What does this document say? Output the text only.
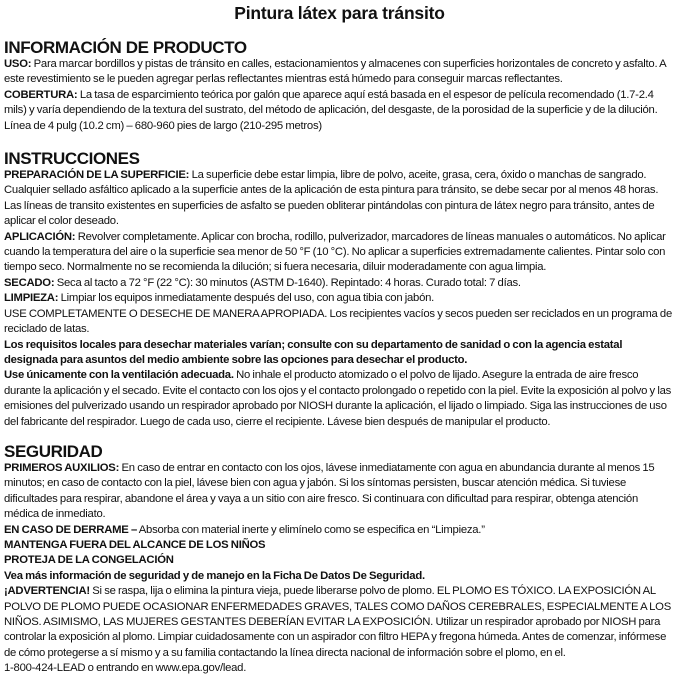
Pintura látex para tránsito
INFORMACIÓN DE PRODUCTO
USO: Para marcar bordillos y pistas de tránsito en calles, estacionamientos y almacenes con superficies horizontales de concreto y asfalto. A este revestimiento se le pueden agregar perlas reflectantes mientras está húmedo para conseguir marcas reflectantes.
COBERTURA: La tasa de esparcimiento teórica por galón que aparece aquí está basada en el espesor de película recomendado (1.7-2.4 mils) y varía dependiendo de la textura del sustrato, del método de aplicación, del desgaste, de la porosidad de la superficie y de la dilución.
Línea de 4 pulg (10.2 cm) – 680-960 pies de largo (210-295 metros)
INSTRUCCIONES
PREPARACIÓN DE LA SUPERFICIE: La superficie debe estar limpia, libre de polvo, aceite, grasa, cera, óxido o manchas de sangrado. Cualquier sellado asfáltico aplicado a la superficie antes de la aplicación de esta pintura para tránsito, se debe secar por al menos 48 horas. Las líneas de transito existentes en superficies de asfalto se pueden obliterar pintándolas con pintura de látex negro para tránsito, antes de aplicar el color deseado.
APLICACIÓN: Revolver completamente. Aplicar con brocha, rodillo, pulverizador, marcadores de líneas manuales o automáticos. No aplicar cuando la temperatura del aire o la superficie sea menor de 50 °F (10 °C). No aplicar a superficies extremadamente calientes. Pintar solo con tiempo seco. Normalmente no se recomienda la dilución; si fuera necesaria, diluir moderadamente con agua limpia.
SECADO: Seca al tacto a 72 °F (22 °C): 30 minutos (ASTM D-1640). Repintado: 4 horas. Curado total: 7 días.
LIMPIEZA: Limpiar los equipos inmediatamente después del uso, con agua tibia con jabón.
USE COMPLETAMENTE O DESECHE DE MANERA APROPIADA. Los recipientes vacíos y secos pueden ser reciclados en un programa de reciclado de latas.
Los requisitos locales para desechar materiales varían; consulte con su departamento de sanidad o con la agencia estatal designada para asuntos del medio ambiente sobre las opciones para desechar el producto.
Use únicamente con la ventilación adecuada. No inhale el producto atomizado o el polvo de lijado. Asegure la entrada de aire fresco durante la aplicación y el secado. Evite el contacto con los ojos y el contacto prolongado o repetido con la piel. Evite la exposición al polvo y las emisiones del pulverizado usando un respirador aprobado por NIOSH durante la aplicación, el lijado o limpiado. Siga las instrucciones de uso del fabricante del respirador. Luego de cada uso, cierre el recipiente. Lávese bien después de manipular el producto.
SEGURIDAD
PRIMEROS AUXILIOS: En caso de entrar en contacto con los ojos, lávese inmediatamente con agua en abundancia durante al menos 15 minutos; en caso de contacto con la piel, lávese bien con agua y jabón. Si los síntomas persisten, buscar atención médica. Si tuviese dificultades para respirar, abandone el área y vaya a un sitio con aire fresco. Si continuara con dificultad para respirar, obtenga atención médica de inmediato.
EN CASO DE DERRAME – Absorba con material inerte y elimínelo como se especifica en “Limpieza.”
MANTENGA FUERA DEL ALCANCE DE LOS NIÑOS
PROTEJA DE LA CONGELACIÓN
Vea más información de seguridad y de manejo en la Ficha De Datos De Seguridad.
¡ADVERTENCIA! Si se raspa, lija o elimina la pintura vieja, puede liberarse polvo de plomo. EL PLOMO ES TÓXICO. LA EXPOSICIÓN AL POLVO DE PLOMO PUEDE OCASIONAR ENFERMEDADES GRAVES, TALES COMO DAÑOS CEREBRALES, ESPECIALMENTE A LOS NIÑOS. ASIMISMO, LAS MUJERES GESTANTES DEBERÍAN EVITAR LA EXPOSICIÓN. Utilizar un respirador aprobado por NIOSH para controlar la exposición al plomo. Limpiar cuidadosamente con un aspirador con filtro HEPA y fregona húmeda. Antes de comenzar, infórmese de cómo protegerse a sí mismo y a su familia contactando la línea directa nacional de información sobre el plomo, en el.
1-800-424-LEAD o entrando en www.epa.gov/lead.
